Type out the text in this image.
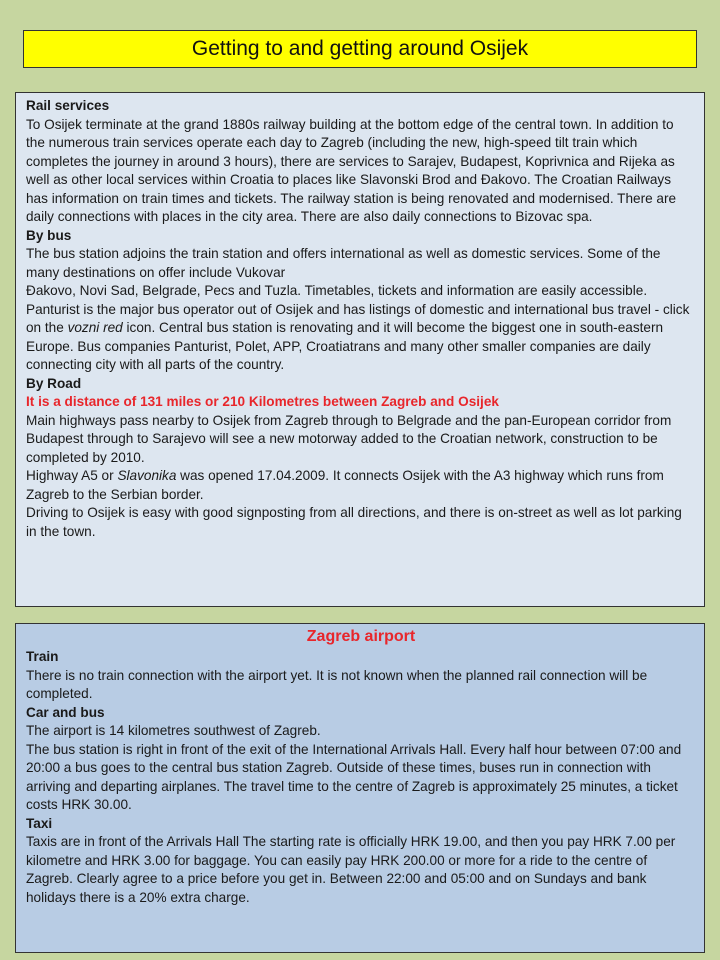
Getting to and getting around Osijek

Rail services

To Osijek terminate at the grand 1880s railway building at the bottom edge of the central town. In addition to the numerous train services operate each day to Zagreb (including the new, high-speed tilt train which completes the journey in around 3 hours), there are services to Sarajev, Budapest, Koprivnica and Rijeka as well as other local services within Croatia to places like Slavonski Brod and Đakovo. The Croatian Railways has information on train times and tickets. The railway station is being renovated and modernised. There are daily connections with places in the city area. There are also daily connections to Bizovac spa.

By bus

The bus station adjoins the train station and offers international as well as domestic services. Some of the many destinations on offer include Vukovar

Đakovo, Novi Sad, Belgrade, Pecs and Tuzla. Timetables, tickets and information are easily accessible. Panturist is the major bus operator out of Osijek and has listings of domestic and international bus travel - click on the vozni red icon. Central bus station is renovating and it will become the biggest one in south-eastern Europe. Bus companies Panturist, Polet, APP, Croatiatrans and many other smaller companies are daily connecting city with all parts of the country.

By Road

It is a distance of 131 miles or 210 Kilometres between Zagreb and Osijek

Main highways pass nearby to Osijek from Zagreb through to Belgrade and the pan-European corridor from Budapest through to Sarajevo will see a new motorway added to the Croatian network, construction to be completed by 2010.

Highway A5 or Slavonika was opened 17.04.2009. It connects Osijek with the A3 highway which runs from Zagreb to the Serbian border.

Driving to Osijek is easy with good signposting from all directions, and there is on-street as well as lot parking in the town.

Zagreb airport

Train

There is no train connection with the airport yet. It is not known when the planned rail connection will be completed.

Car and bus

The airport is 14 kilometres southwest of Zagreb.

The bus station is right in front of the exit of the International Arrivals Hall. Every half hour between 07:00 and 20:00 a bus goes to the central bus station Zagreb. Outside of these times, buses run in connection with arriving and departing airplanes. The travel time to the centre of Zagreb is approximately 25 minutes, a ticket costs HRK 30.00.

Taxi

Taxis are in front of the Arrivals Hall The starting rate is officially HRK 19.00, and then you pay HRK 7.00 per kilometre and HRK 3.00 for baggage. You can easily pay HRK 200.00 or more for a ride to the centre of Zagreb. Clearly agree to a price before you get in. Between 22:00 and 05:00 and on Sundays and bank holidays there is a 20% extra charge.
